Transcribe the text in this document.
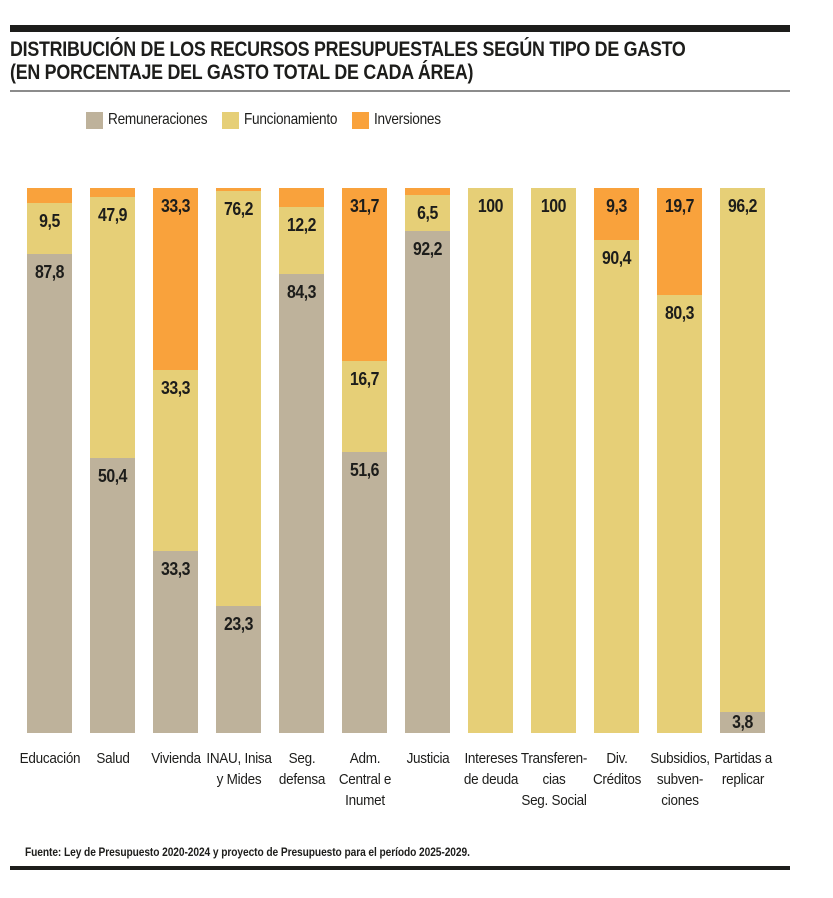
DISTRIBUCIÓN DE LOS RECURSOS PRESUPUESTALES SEGÚN TIPO DE GASTO
(EN PORCENTAJE DEL GASTO TOTAL DE CADA ÁREA)
Remuneraciones Funcionamiento Inversiones
87,8
9,5
50,4
47,9
33,3
33,3
33,3
23,3
76,2
84,3
12,2
51,6
16,7
31,7
92,2
6,5	100	100
90,4
9,3
80,3
19,7
3,8
96,2
Educación	Salud	Vivienda INAU, Inisa
y Mides
Seg.
defensa
Adm.
Central e
Inumet
Justicia	Intereses
de deuda
Transferen-
cias
Seg. Social
Div.
Créditos
Subsidios,
subven-
ciones
Partidas a
replicar
Fuente: Ley de Presupuesto 2020-2024 y proyecto de Presupuesto para el período 2025-2029.
